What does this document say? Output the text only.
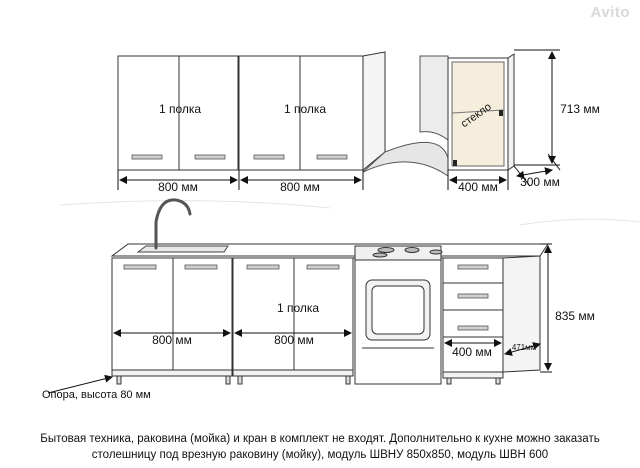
стекло
1 полка	1 полка
800 мм	800 мм	400 мм 300 мм
713 мм
1 полка
800 мм	800 мм
400 мм 471мм
835 мм
Опора, высота 80 мм
Avito
Бытовая техника, раковина (мойка) и кран в комплект не входят. Дополнительно к кухне можно заказать
столешницу под врезную раковину (мойку), модуль ШВНУ 850х850, модуль ШВН 600
